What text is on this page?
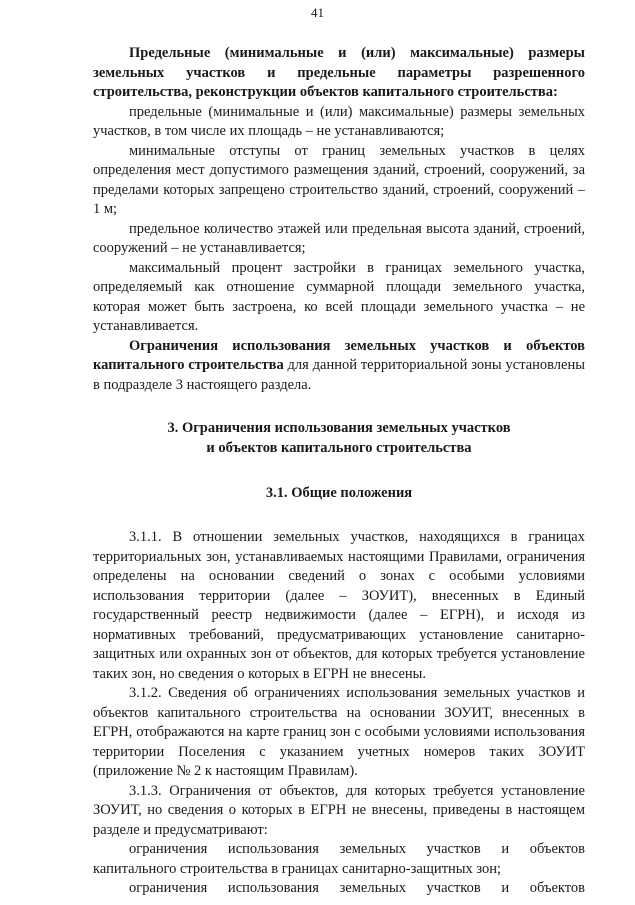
41

Предельные (минимальные и (или) максимальные) размеры земельных участков и предельные параметры разрешенного строительства, реконструкции объектов капитального строительства:

предельные (минимальные и (или) максимальные) размеры земельных участков, в том числе их площадь – не устанавливаются;

минимальные отступы от границ земельных участков в целях определения мест допустимого размещения зданий, строений, сооружений, за пределами которых запрещено строительство зданий, строений, сооружений – 1 м;

предельное количество этажей или предельная высота зданий, строений, сооружений – не устанавливается;

максимальный процент застройки в границах земельного участка, определяемый как отношение суммарной площади земельного участка, которая может быть застроена, ко всей площади земельного участка – не устанавливается.

Ограничения использования земельных участков и объектов капитального строительства для данной территориальной зоны установлены в подразделе 3 настоящего раздела.

3. Ограничения использования земельных участков
и объектов капитального строительства
3.1. Общие положения

3.1.1. В отношении земельных участков, находящихся в границах территориальных зон, устанавливаемых настоящими Правилами, ограничения определены на основании сведений о зонах с особыми условиями использования территории (далее – ЗОУИТ), внесенных в Единый государственный реестр недвижимости (далее – ЕГРН), и исходя из нормативных требований, предусматривающих установление санитарно-защитных или охранных зон от объектов, для которых требуется установление таких зон, но сведения о которых в ЕГРН не внесены.

3.1.2. Сведения об ограничениях использования земельных участков и объектов капитального строительства на основании ЗОУИТ, внесенных в ЕГРН, отображаются на карте границ зон с особыми условиями использования территории Поселения с указанием учетных номеров таких ЗОУИТ (приложение № 2 к настоящим Правилам).

3.1.3. Ограничения от объектов, для которых требуется установление ЗОУИТ, но сведения о которых в ЕГРН не внесены, приведены в настоящем разделе и предусматривают:

ограничения использования земельных участков и объектов капитального строительства в границах санитарно-защитных зон;

ограничения использования земельных участков и объектов
